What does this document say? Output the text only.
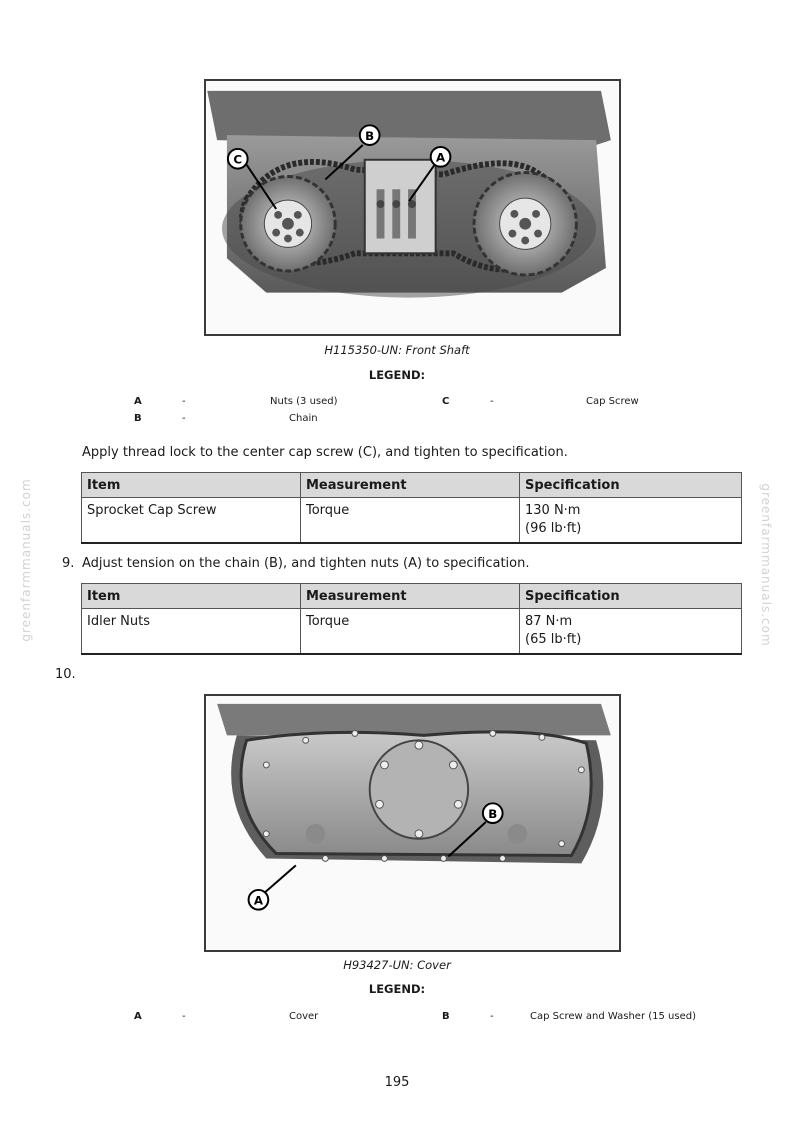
greenfarmmanuals.com	greenfarmmanuals.com
B
A
C
H115350-UN: Front Shaft
LEGEND:
A	-	Nuts (3 used)	C	-	Cap Screw
B	-	Chain
Apply thread lock to the center cap screw (C), and tighten to specification.
Item	Measurement	Specification
Sprocket Cap Screw	Torque	130 N·m
(96 lb·ft)
9. Adjust tension on the chain (B), and tighten nuts (A) to specification.
Item	Measurement	Specification
Idler Nuts	Torque	87 N·m
(65 lb·ft)
10.
B
A
H93427-UN: Cover
LEGEND:
A	-	Cover	B	-	Cap Screw and Washer (15 used)
195
